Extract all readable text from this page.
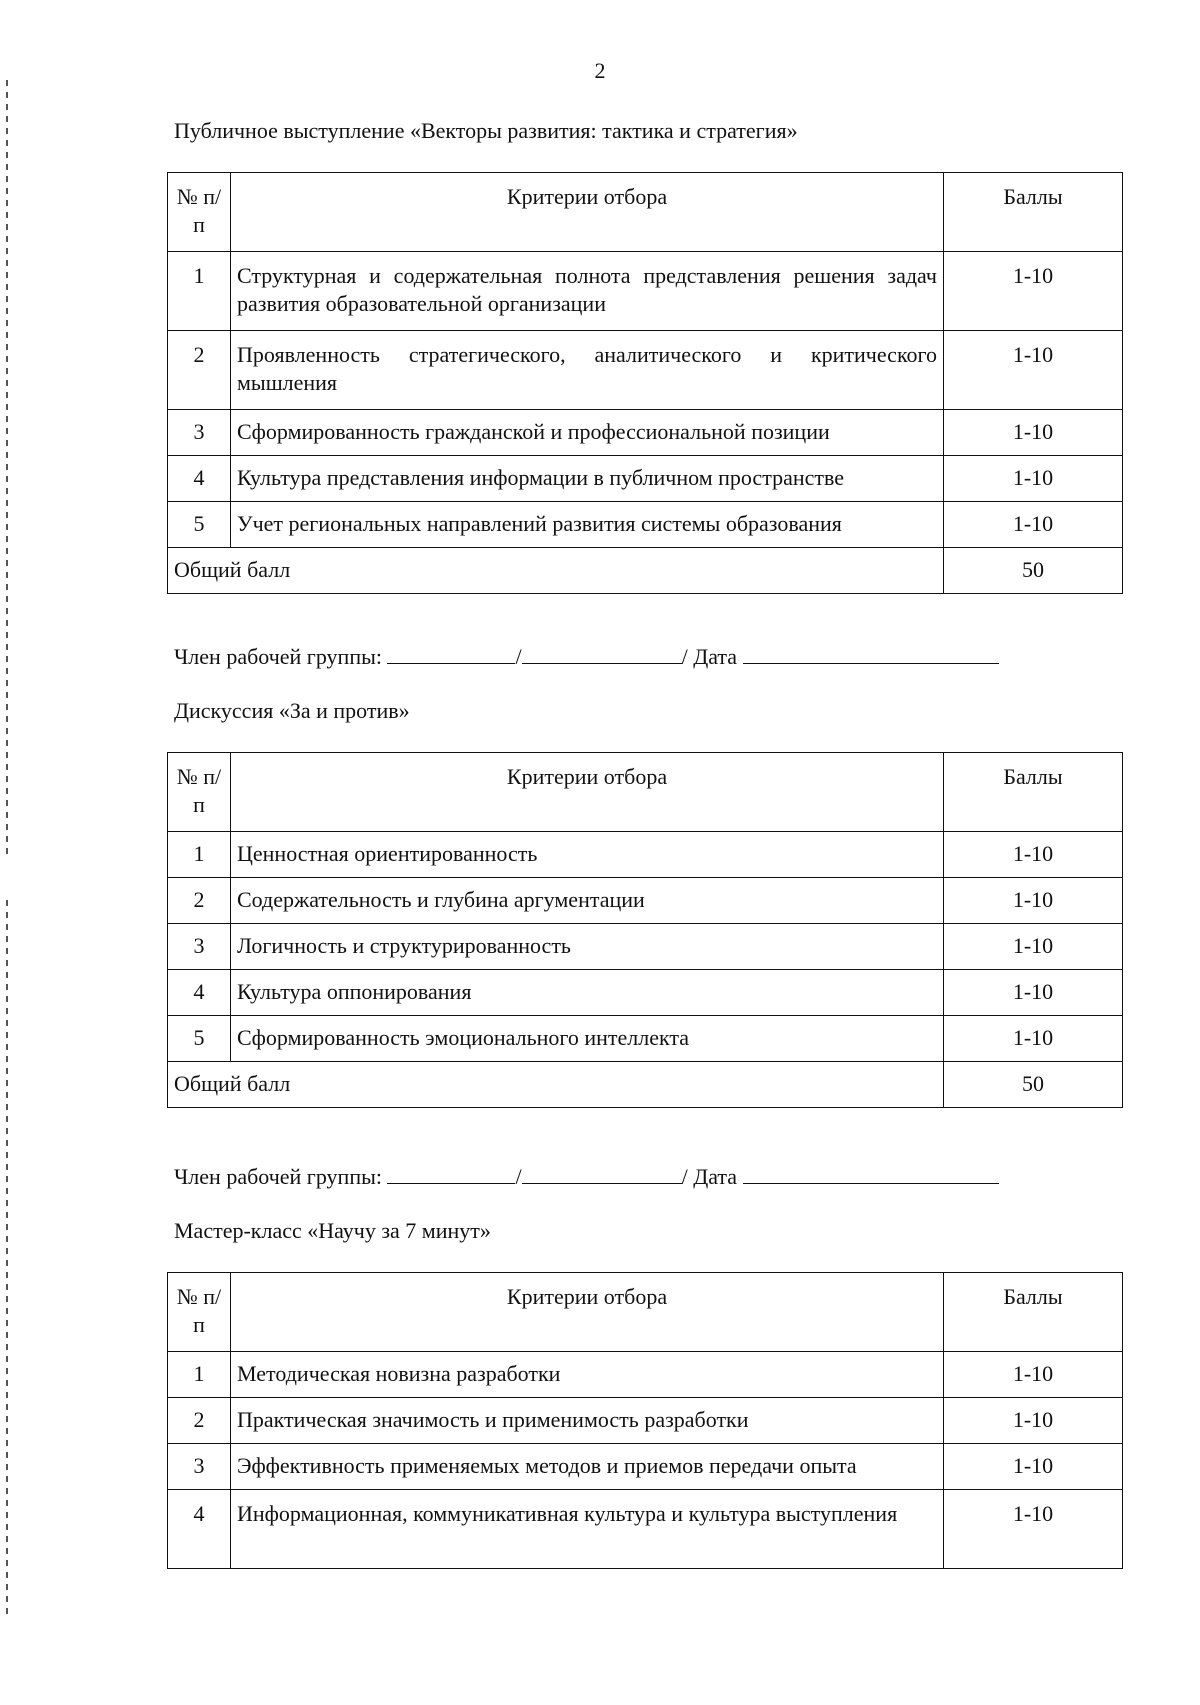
2
Публичное выступление «Векторы развития: тактика и стратегия»
№ п/п	Критерии отбора	Баллы
1	Структурная и содержательная полнота представления решения задач развития образовательной организации	1-10
2	Проявленность стратегического, аналитического и критического мышления	1-10
3	Сформированность гражданской и профессиональной позиции	1-10
4	Культура представления информации в публичном пространстве	1-10
5	Учет региональных направлений развития системы образования	1-10
Общий балл		50
Член рабочей группы:	/	/ Дата
Дискуссия «За и против»
№ п/п	Критерии отбора	Баллы
1	Ценностная ориентированность	1-10
2	Содержательность и глубина аргументации	1-10
3	Логичность и структурированность	1-10
4	Культура оппонирования	1-10
5	Сформированность эмоционального интеллекта	1-10
Общий балл		50
Член рабочей группы:	/	/ Дата
Мастер-класс «Научу за 7 минут»
№ п/п	Критерии отбора	Баллы
1	Методическая новизна разработки	1-10
2	Практическая значимость и применимость разработки	1-10
3	Эффективность применяемых методов и приемов передачи опыта	1-10
4	Информационная, коммуникативная культура и культура выступления	1-10
